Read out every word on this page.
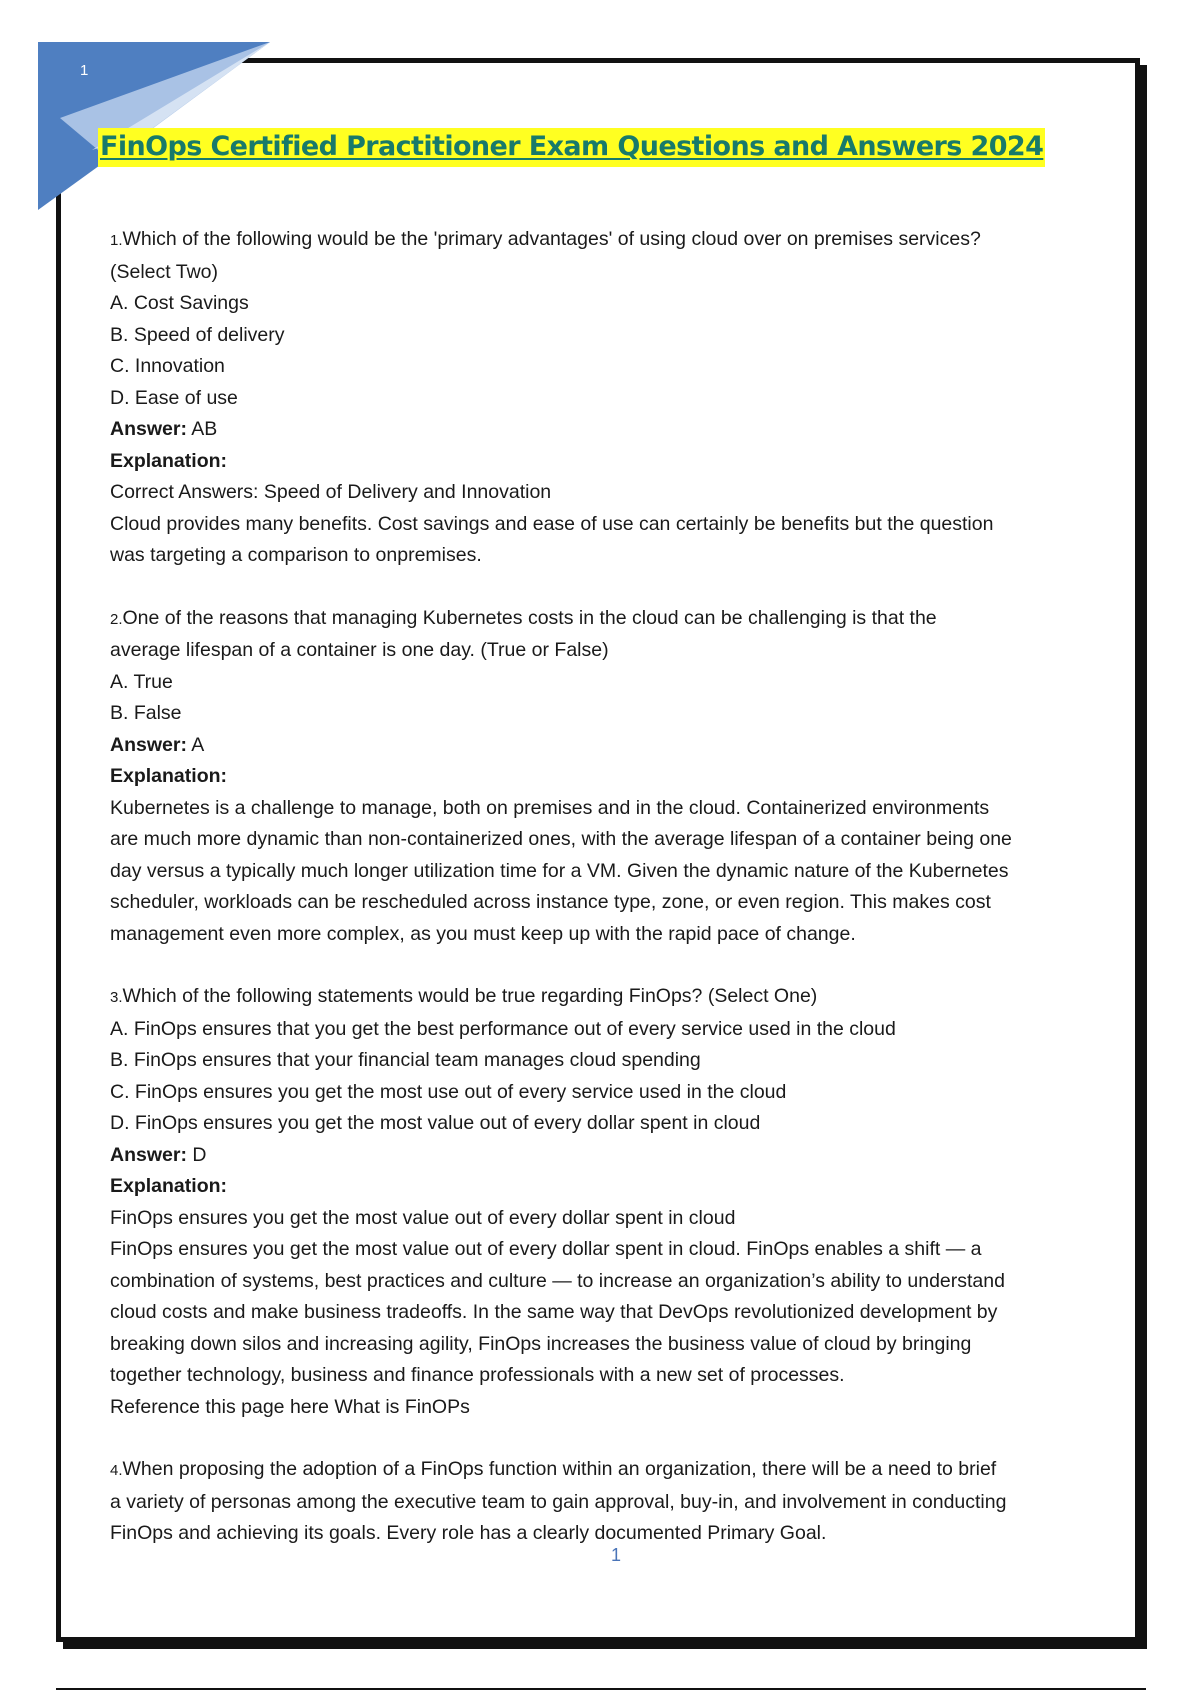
1
FinOps Certified Practitioner Exam Questions and Answers 2024

1.Which of the following would be the 'primary advantages' of using cloud over on premises services?

(Select Two)

A. Cost Savings

B. Speed of delivery

C. Innovation

D. Ease of use

Answer: AB

Explanation:

Correct Answers: Speed of Delivery and Innovation

Cloud provides many benefits. Cost savings and ease of use can certainly be benefits but the question

was targeting a comparison to onpremises.

2.One of the reasons that managing Kubernetes costs in the cloud can be challenging is that the

average lifespan of a container is one day. (True or False)

A. True

B. False

Answer: A

Explanation:

Kubernetes is a challenge to manage, both on premises and in the cloud. Containerized environments

are much more dynamic than non-containerized ones, with the average lifespan of a container being one

day versus a typically much longer utilization time for a VM. Given the dynamic nature of the Kubernetes

scheduler, workloads can be rescheduled across instance type, zone, or even region. This makes cost

management even more complex, as you must keep up with the rapid pace of change.

3.Which of the following statements would be true regarding FinOps? (Select One)

A. FinOps ensures that you get the best performance out of every service used in the cloud

B. FinOps ensures that your financial team manages cloud spending

C. FinOps ensures you get the most use out of every service used in the cloud

D. FinOps ensures you get the most value out of every dollar spent in cloud

Answer: D

Explanation:

FinOps ensures you get the most value out of every dollar spent in cloud

FinOps ensures you get the most value out of every dollar spent in cloud. FinOps enables a shift — a

combination of systems, best practices and culture — to increase an organization’s ability to understand

cloud costs and make business tradeoffs. In the same way that DevOps revolutionized development by

breaking down silos and increasing agility, FinOps increases the business value of cloud by bringing

together technology, business and finance professionals with a new set of processes.

Reference this page here What is FinOPs

4.When proposing the adoption of a FinOps function within an organization, there will be a need to brief

a variety of personas among the executive team to gain approval, buy-in, and involvement in conducting

FinOps and achieving its goals. Every role has a clearly documented Primary Goal.

1
